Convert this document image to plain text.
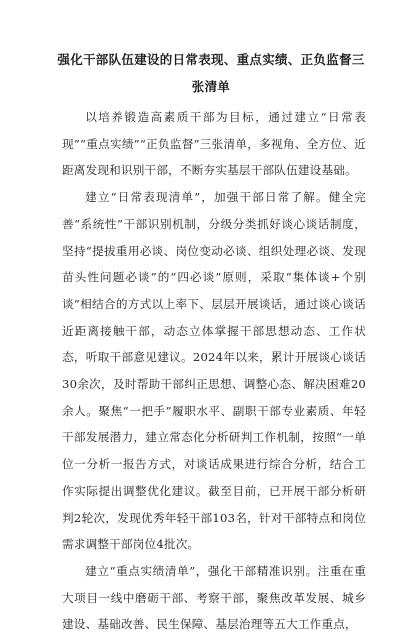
强化干部队伍建设的日常表现、重点实绩、正负监督三张清单

以培养锻造高素质干部为目标，通过建立“日常表现”“重点实绩”“正负监督”三张清单，多视角、全方位、近距离发现和识别干部，不断夯实基层干部队伍建设基础。

建立“日常表现清单”，加强干部日常了解。健全完善“系统性”干部识别机制，分级分类抓好谈心谈话制度，坚持“提拔重用必谈、岗位变动必谈、组织处理必谈、发现苗头性问题必谈”的“四必谈”原则，采取“集体谈+个别谈”相结合的方式以上率下、层层开展谈话，通过谈心谈话近距离接触干部，动态立体掌握干部思想动态、工作状态，听取干部意见建议。2024年以来，累计开展谈心谈话30余次，及时帮助干部纠正思想、调整心态、解决困难20余人。聚焦“一把手”履职水平、副职干部专业素质、年轻干部发展潜力，建立常态化分析研判工作机制，按照“一单位一分析一报告方式，对谈话成果进行综合分析，结合工作实际提出调整优化建议。截至目前，已开展干部分析研判2轮次，发现优秀年轻干部103名，针对干部特点和岗位需求调整干部岗位4批次。

建立“重点实绩清单”，强化干部精准识别。注重在重大项目一线中磨砺干部、考察干部，聚焦改革发展、城乡建设、基础改善、民生保障、基层治理等五大工作重点，
